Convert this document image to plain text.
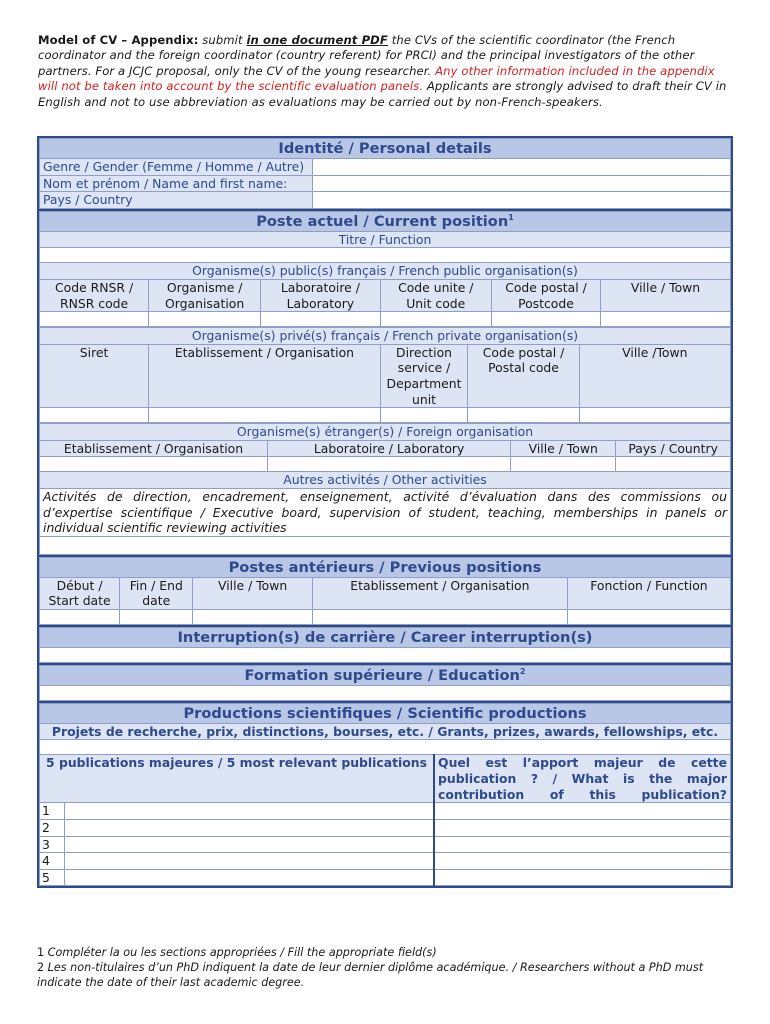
Model of CV – Appendix: submit in one document PDF the CVs of the scientific coordinator (the French coordinator and the foreign coordinator (country referent) for PRCI) and the principal investigators of the other partners. For a JCJC proposal, only the CV of the young researcher. Any other information included in the appendix will not be taken into account by the scientific evaluation panels. Applicants are strongly advised to draft their CV in English and not to use abbreviation as evaluations may be carried out by non-French-speakers.
Identité / Personal details	
Genre / Gender (Femme / Homme / Autre)	
Nom et prénom / Name and first name:	
Pays / Country	
Poste actuel / Current position$^1$
Titre / Function					

Organisme(s) public(s) français / French public organisation(s)					
Code RNSR / RNSR code	Organisme / Organisation	Laboratoire / Laboratory	Code unite / Unit code	Code postal / Postcode	Ville / Town

Organisme(s) privé(s) français / French private organisation(s)				
Siret	Etablissement / Organisation	Direction service / Department unit	Code postal / Postal code	Ville /Town

Organisme(s) étranger(s) / Foreign organisation			
Etablissement / Organisation	Laboratoire / Laboratory	Ville / Town	Pays / Country

Autres activités / Other activities			
Activités de direction, encadrement, enseignement, activité d’évaluation dans des commissions ou d’expertise scientifique / Executive board, supervision of student, teaching, memberships in panels or individual scientific reviewing activities			

Postes antérieurs / Previous positions				
Début / Start date	Fin / End date	Ville / Town	Etablissement / Organisation	Fonction / Function

Interruption(s) de carrière / Career interruption(s)

Formation supérieure / Education$^2$

Productions scientifiques / Scientific productions		
Projets de recherche, prix, distinctions, bourses, etc. / Grants, prizes, awards, fellowships, etc.		

5 publications majeures / 5 most relevant publications		Quel est l’apport majeur de cette publication ? / What is the major contribution of this publication?
1		
2		
3		
4		
5		
1 Compléter la ou les sections appropriées / Fill the appropriate field(s)
2 Les non-titulaires d’un PhD indiquent la date de leur dernier diplôme académique. / Researchers without a PhD must indicate the date of their last academic degree.
